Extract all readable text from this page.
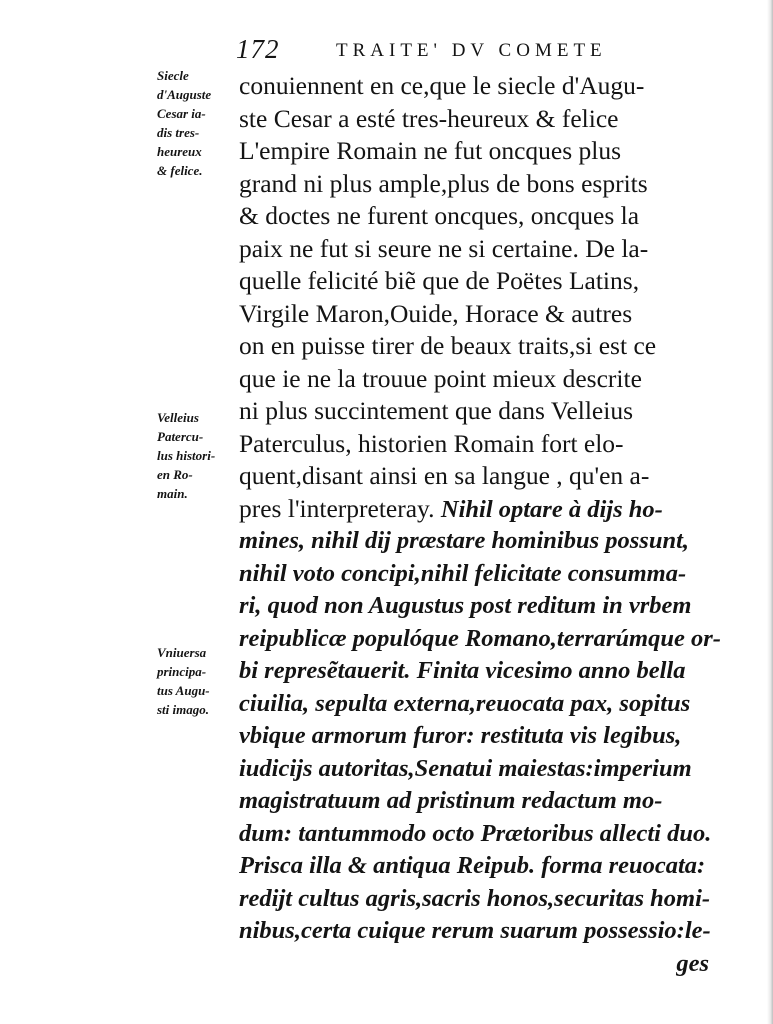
172	TRAITE' DV COMETE
Siecle
d'Auguste
Cesar ia-
dis tres-
heureux
& felice.
Velleius
Patercu-
lus histori-
en Ro-
main.
Vniuersa
principa-
tus Augu-
sti imago.
conuiennent en ce,que le siecle d'Augu-
ste Cesar a esté tres-heureux & felice
L'empire Romain ne fut oncques plus
grand ni plus ample,plus de bons esprits
& doctes ne furent oncques, oncques la
paix ne fut si seure ne si certaine. De la-
quelle felicité biẽ que de Poëtes Latins,
Virgile Maron,Ouide, Horace & autres
on en puisse tirer de beaux traits,si est ce
que ie ne la trouue point mieux descrite
ni plus succintement que dans Velleius
Paterculus, historien Romain fort elo-
quent,disant ainsi en sa langue , qu'en a-
pres l'interpreteray. Nihil optare à dijs ho-
mines, nihil dij præstare hominibus possunt,
nihil voto concipi,nihil felicitate consumma-
ri, quod non Augustus post reditum in vrbem
reipublicæ populóque Romano,terrarúmque or-
bi represẽtauerit. Finita vicesimo anno bella
ciuilia, sepulta externa,reuocata pax, sopitus
vbique armorum furor: restituta vis legibus,
iudicijs autoritas,Senatui maiestas:imperium
magistratuum ad pristinum redactum mo-
dum: tantummodo octo Prætoribus allecti duo.
Prisca illa & antiqua Reipub. forma reuocata:
redijt cultus agris,sacris honos,securitas homi-
nibus,certa cuique rerum suarum possessio:le-
ges
